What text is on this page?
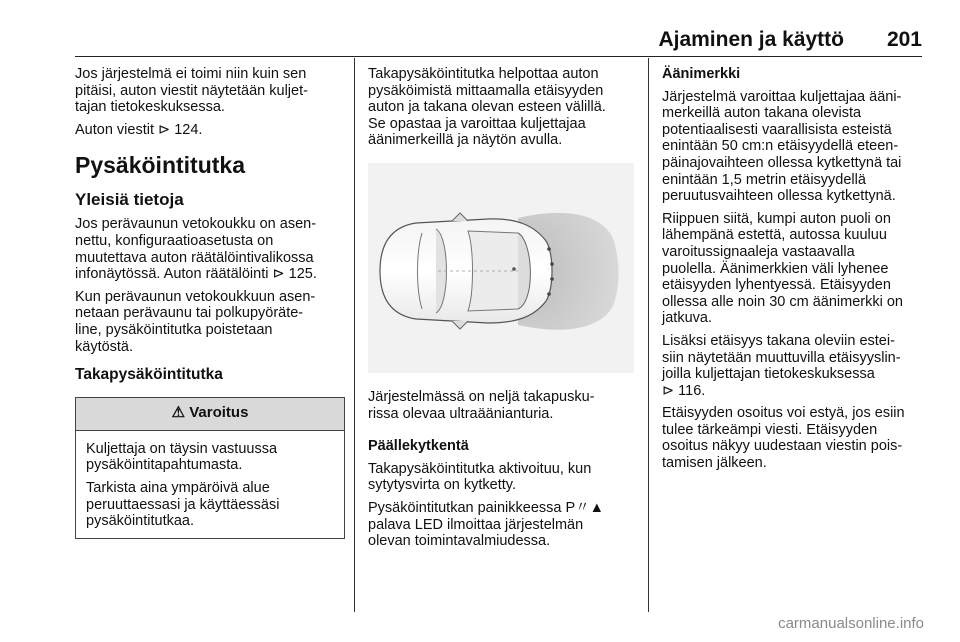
Ajaminen ja käyttö 201

Jos järjestelmä ei toimi niin kuin sen
pitäisi, auton viestit näytetään kuljet-
tajan tietokeskuksessa.

Auton viestit ⊳ 124.

Pysäköintitutka
Yleisiä tietoja

Jos perävaunun vetokoukku on asen-
nettu, konfiguraatioasetusta on
muutettava auton räätälöintivalikossa
infonäytössä. Auton räätälöinti ⊳ 125.

Kun perävaunun vetokoukkuun asen-
netaan perävaunu tai polkupyöräte-
line, pysäköintitutka poistetaan
käytöstä.

Takapysäköintitutka
⚠ Varoitus

Kuljettaja on täysin vastuussa
pysäköintitapahtumasta.

Tarkista aina ympäröivä alue
peruuttaessasi ja käyttäessäsi
pysäköintitutkaa.

Takapysäköintitutka helpottaa auton
pysäköimistä mittaamalla etäisyyden
auton ja takana olevan esteen välillä.
Se opastaa ja varoittaa kuljettajaa
äänimerkeillä ja näytön avulla.

Järjestelmässä on neljä takapusku-
rissa olevaa ultraäänianturia.

Päällekytkentä

Takapysäköintitutka aktivoituu, kun
sytytysvirta on kytketty.

Pysäköintitutkan painikkeessa P〃▲
palava LED ilmoittaa järjestelmän
olevan toimintavalmiudessa.

Äänimerkki

Järjestelmä varoittaa kuljettajaa ääni-
merkeillä auton takana olevista
potentiaalisesti vaarallisista esteistä
enintään 50 cm:n etäisyydellä eteen-
päinajovaihteen ollessa kytkettynä tai
enintään 1,5 metrin etäisyydellä
peruutusvaihteen ollessa kytkettynä.

Riippuen siitä, kumpi auton puoli on
lähempänä estettä, autossa kuuluu
varoitussignaaleja vastaavalla
puolella. Äänimerkkien väli lyhenee
etäisyyden lyhentyessä. Etäisyyden
ollessa alle noin 30 cm äänimerkki on
jatkuva.

Lisäksi etäisyys takana oleviin estei-
siin näytetään muuttuvilla etäisyyslin-
joilla kuljettajan tietokeskuksessa
⊳ 116.

Etäisyyden osoitus voi estyä, jos esiin
tulee tärkeämpi viesti. Etäisyyden
osoitus näkyy uudestaan viestin pois-
tamisen jälkeen.

carmanualsonline.info
